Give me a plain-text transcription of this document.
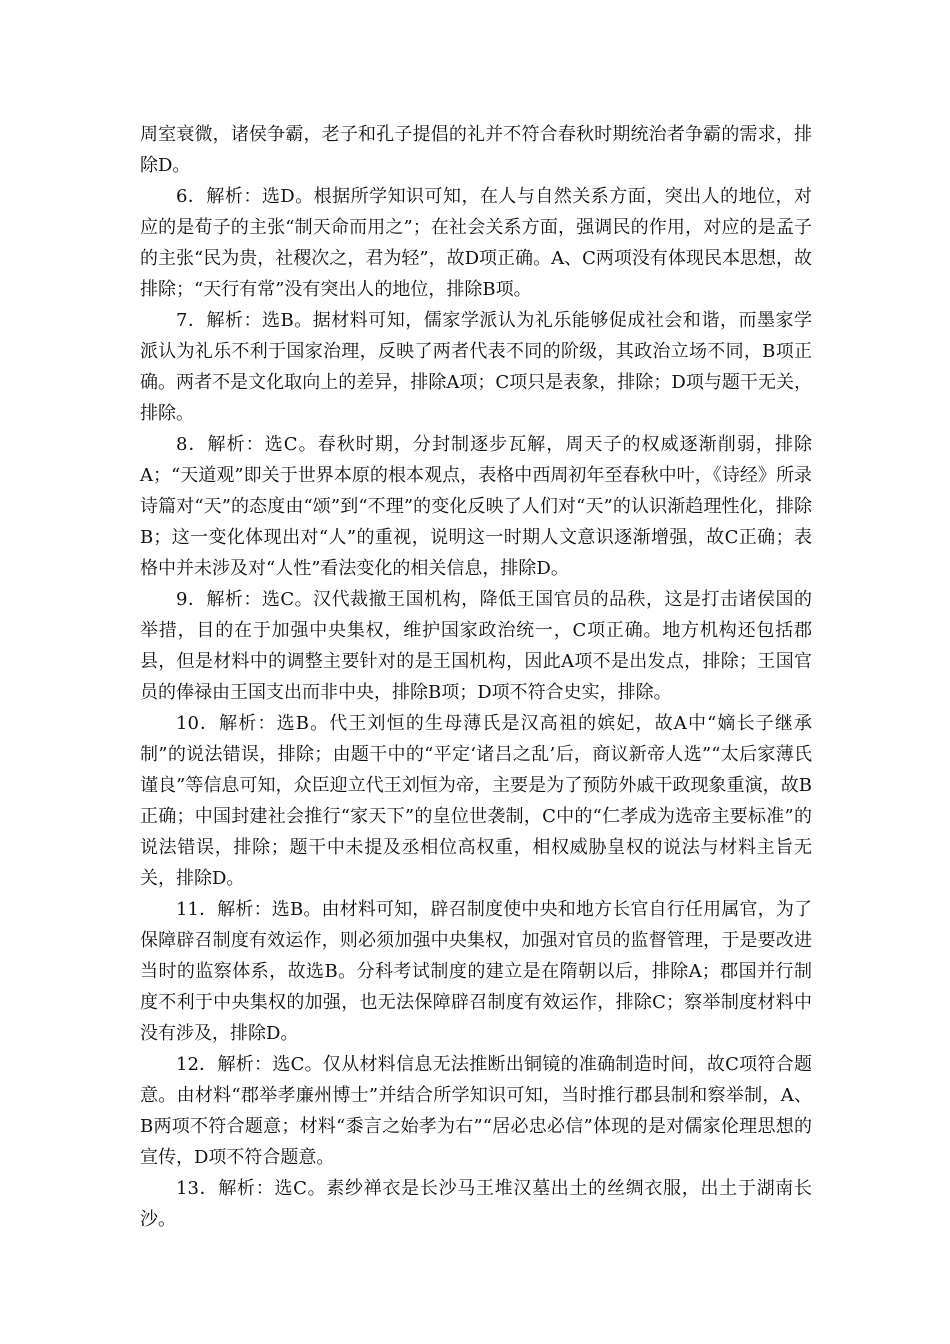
周室衰微，诸侯争霸，老子和孔子提倡的礼并不符合春秋时期统治者争霸的需求，排除D。

6．解析：选D。根据所学知识可知，在人与自然关系方面，突出人的地位，对应的是荀子的主张“制天命而用之”；在社会关系方面，强调民的作用，对应的是孟子的主张“民为贵，社稷次之，君为轻”，故D项正确。A、C两项没有体现民本思想，故排除；“天行有常”没有突出人的地位，排除B项。

7．解析：选B。据材料可知，儒家学派认为礼乐能够促成社会和谐，而墨家学派认为礼乐不利于国家治理，反映了两者代表不同的阶级，其政治立场不同，B项正确。两者不是文化取向上的差异，排除A项；C项只是表象，排除；D项与题干无关，排除。

8．解析：选C。春秋时期，分封制逐步瓦解，周天子的权威逐渐削弱，排除A；“天道观”即关于世界本原的根本观点，表格中西周初年至春秋中叶，《诗经》所录诗篇对“天”的态度由“颂”到“不理”的变化反映了人们对“天”的认识渐趋理性化，排除B；这一变化体现出对“人”的重视，说明这一时期人文意识逐渐增强，故C正确；表格中并未涉及对“人性”看法变化的相关信息，排除D。

9．解析：选C。汉代裁撤王国机构，降低王国官员的品秩，这是打击诸侯国的举措，目的在于加强中央集权，维护国家政治统一，C项正确。地方机构还包括郡县，但是材料中的调整主要针对的是王国机构，因此A项不是出发点，排除；王国官员的俸禄由王国支出而非中央，排除B项；D项不符合史实，排除。

10．解析：选B。代王刘恒的生母薄氏是汉高祖的嫔妃，故A中“嫡长子继承制”的说法错误，排除；由题干中的“平定‘诸吕之乱’后，商议新帝人选”“太后家薄氏谨良”等信息可知，众臣迎立代王刘恒为帝，主要是为了预防外戚干政现象重演，故B正确；中国封建社会推行“家天下”的皇位世袭制，C中的“仁孝成为选帝主要标准”的说法错误，排除；题干中未提及丞相位高权重，相权威胁皇权的说法与材料主旨无关，排除D。

11．解析：选B。由材料可知，辟召制度使中央和地方长官自行任用属官，为了保障辟召制度有效运作，则必须加强中央集权，加强对官员的监督管理，于是要改进当时的监察体系，故选B。分科考试制度的建立是在隋朝以后，排除A；郡国并行制度不利于中央集权的加强，也无法保障辟召制度有效运作，排除C；察举制度材料中没有涉及，排除D。

12．解析：选C。仅从材料信息无法推断出铜镜的准确制造时间，故C项符合题意。由材料“郡举孝廉州博士”并结合所学知识可知，当时推行郡县制和察举制，A、B两项不符合题意；材料“黍言之始孝为右”“居必忠必信”体现的是对儒家伦理思想的宣传，D项不符合题意。

13．解析：选C。素纱禅衣是长沙马王堆汉墓出土的丝绸衣服，出土于湖南长沙。
